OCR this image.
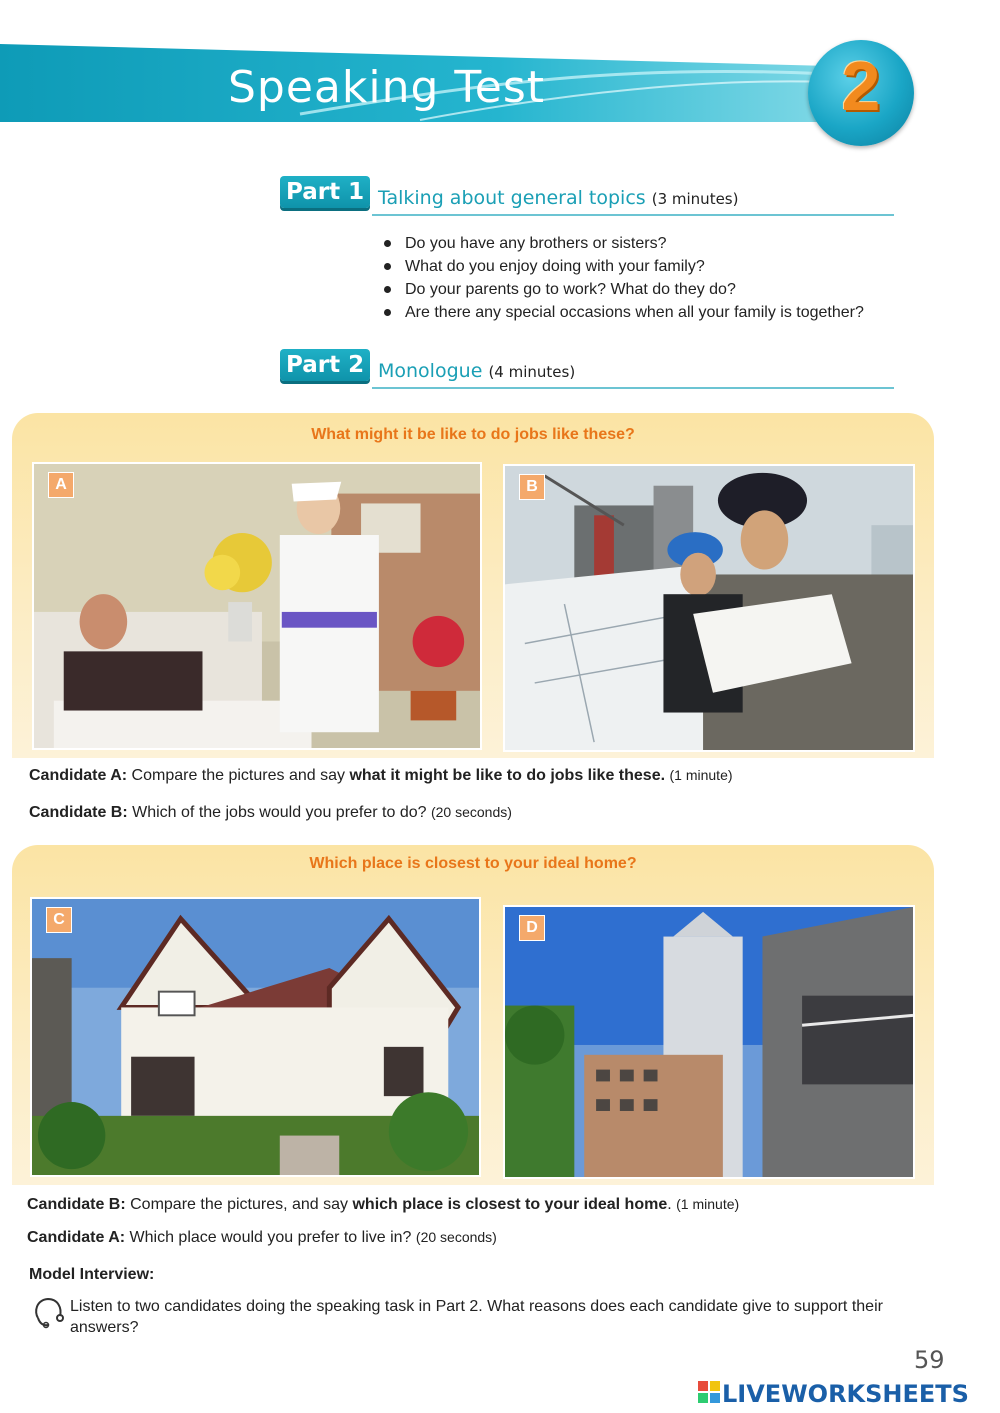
Speaking Test	2
Part 1 Talking about general topics (3 minutes)
Do you have any brothers or sisters?
What do you enjoy doing with your family?
Do your parents go to work? What do they do?
Are there any special occasions when all your family is together?
Part 2 Monologue (4 minutes)
What might it be like to do jobs like these?
A	B
Candidate A: Compare the pictures and say what it might be like to do jobs like these. (1 minute)
Candidate B: Which of the jobs would you prefer to do? (20 seconds)
Which place is closest to your ideal home?
C	D
Candidate B: Compare the pictures, and say which place is closest to your ideal home. (1 minute)
Candidate A: Which place would you prefer to live in? (20 seconds)
Model Interview:
Listen to two candidates doing the speaking task in Part 2. What reasons does each candidate give to support their answers?
59
LIVEWORKSHEETS
